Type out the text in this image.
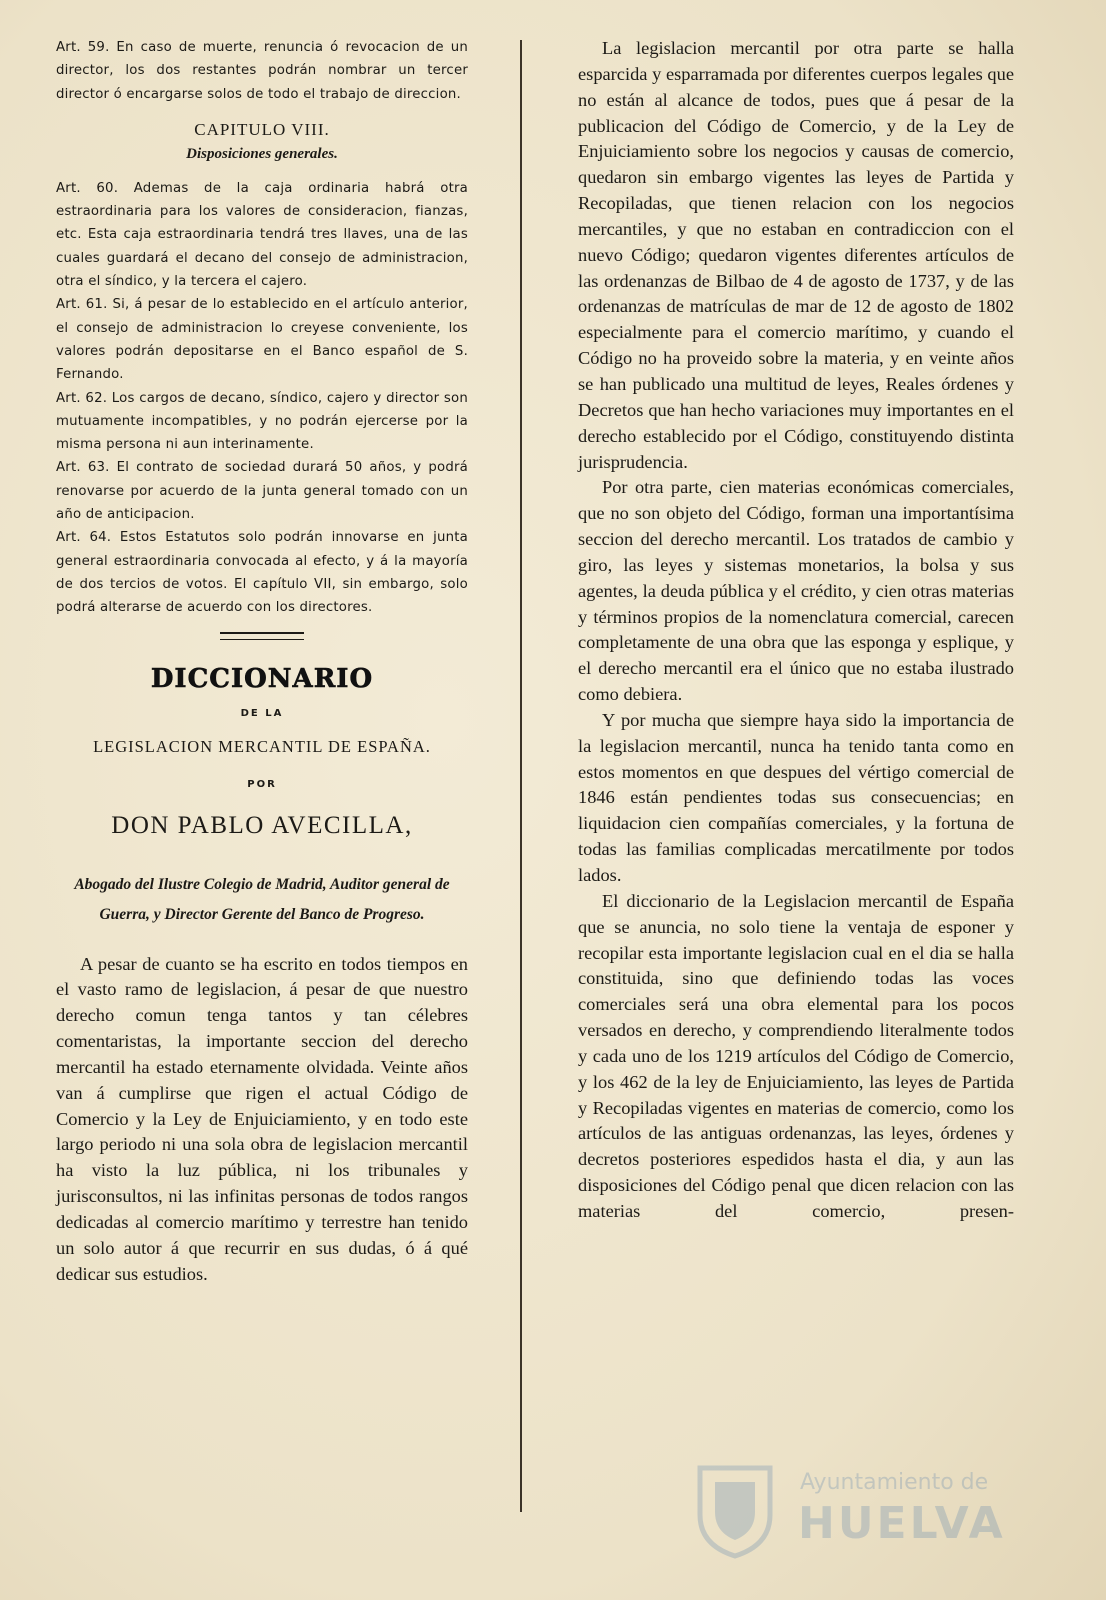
Art. 59. En caso de muerte, renuncia ó revocacion de un director, los dos restantes podrán nombrar un tercer director ó encargarse solos de todo el trabajo de direccion.

CAPITULO VIII.
Disposiciones generales.

Art. 60. Ademas de la caja ordinaria habrá otra estraordinaria para los valores de consideracion, fianzas, etc. Esta caja estraordinaria tendrá tres llaves, una de las cuales guardará el decano del consejo de administracion, otra el síndico, y la tercera el cajero.

Art. 61. Si, á pesar de lo establecido en el artículo anterior, el consejo de administracion lo creyese conveniente, los valores podrán depositarse en el Banco español de S. Fernando.

Art. 62. Los cargos de decano, síndico, cajero y director son mutuamente incompatibles, y no podrán ejercerse por la misma persona ni aun interinamente.

Art. 63. El contrato de sociedad durará 50 años, y podrá renovarse por acuerdo de la junta general tomado con un año de anticipacion.

Art. 64. Estos Estatutos solo podrán innovarse en junta general estraordinaria convocada al efecto, y á la mayoría de dos tercios de votos. El capítulo VII, sin embargo, solo podrá alterarse de acuerdo con los directores.

DICCIONARIO
DE LA
LEGISLACION MERCANTIL DE ESPAÑA.
POR
DON PABLO AVECILLA,
Abogado del Ilustre Colegio de Madrid, Auditor general de Guerra, y Director Gerente del Banco de Progreso.

A pesar de cuanto se ha escrito en todos tiempos en el vasto ramo de legislacion, á pesar de que nuestro derecho comun tenga tantos y tan célebres comentaristas, la importante seccion del derecho mercantil ha estado eternamente olvidada. Veinte años van á cumplirse que rigen el actual Código de Comercio y la Ley de Enjuiciamiento, y en todo este largo periodo ni una sola obra de legislacion mercantil ha visto la luz pública, ni los tribunales y jurisconsultos, ni las infinitas personas de todos rangos dedicadas al comercio marítimo y terrestre han tenido un solo autor á que recurrir en sus dudas, ó á qué dedicar sus estudios.

La legislacion mercantil por otra parte se halla esparcida y esparramada por diferentes cuerpos legales que no están al alcance de todos, pues que á pesar de la publicacion del Código de Comercio, y de la Ley de Enjuiciamiento sobre los negocios y causas de comercio, quedaron sin embargo vigentes las leyes de Partida y Recopiladas, que tienen relacion con los negocios mercantiles, y que no estaban en contradiccion con el nuevo Código; quedaron vigentes diferentes artículos de las ordenanzas de Bilbao de 4 de agosto de 1737, y de las ordenanzas de matrículas de mar de 12 de agosto de 1802 especialmente para el comercio marítimo, y cuando el Código no ha proveido sobre la materia, y en veinte años se han publicado una multitud de leyes, Reales órdenes y Decretos que han hecho variaciones muy importantes en el derecho establecido por el Código, constituyendo distinta jurisprudencia.

Por otra parte, cien materias económicas comerciales, que no son objeto del Código, forman una importantísima seccion del derecho mercantil. Los tratados de cambio y giro, las leyes y sistemas monetarios, la bolsa y sus agentes, la deuda pública y el crédito, y cien otras materias y términos propios de la nomenclatura comercial, carecen completamente de una obra que las esponga y esplique, y el derecho mercantil era el único que no estaba ilustrado como debiera.

Y por mucha que siempre haya sido la importancia de la legislacion mercantil, nunca ha tenido tanta como en estos momentos en que despues del vértigo comercial de 1846 están pendientes todas sus consecuencias; en liquidacion cien compañías comerciales, y la fortuna de todas las familias complicadas mercatilmente por todos lados.

El diccionario de la Legislacion mercantil de España que se anuncia, no solo tiene la ventaja de esponer y recopilar esta importante legislacion cual en el dia se halla constituida, sino que definiendo todas las voces comerciales será una obra elemental para los pocos versados en derecho, y comprendiendo literalmente todos y cada uno de los 1219 artículos del Código de Comercio, y los 462 de la ley de Enjuiciamiento, las leyes de Partida y Recopiladas vigentes en materias de comercio, como los artículos de las antiguas ordenanzas, las leyes, órdenes y decretos posteriores espedidos hasta el dia, y aun las disposiciones del Código penal que dicen relacion con las materias del comercio, presen-

Ayuntamiento de
HUELVA
